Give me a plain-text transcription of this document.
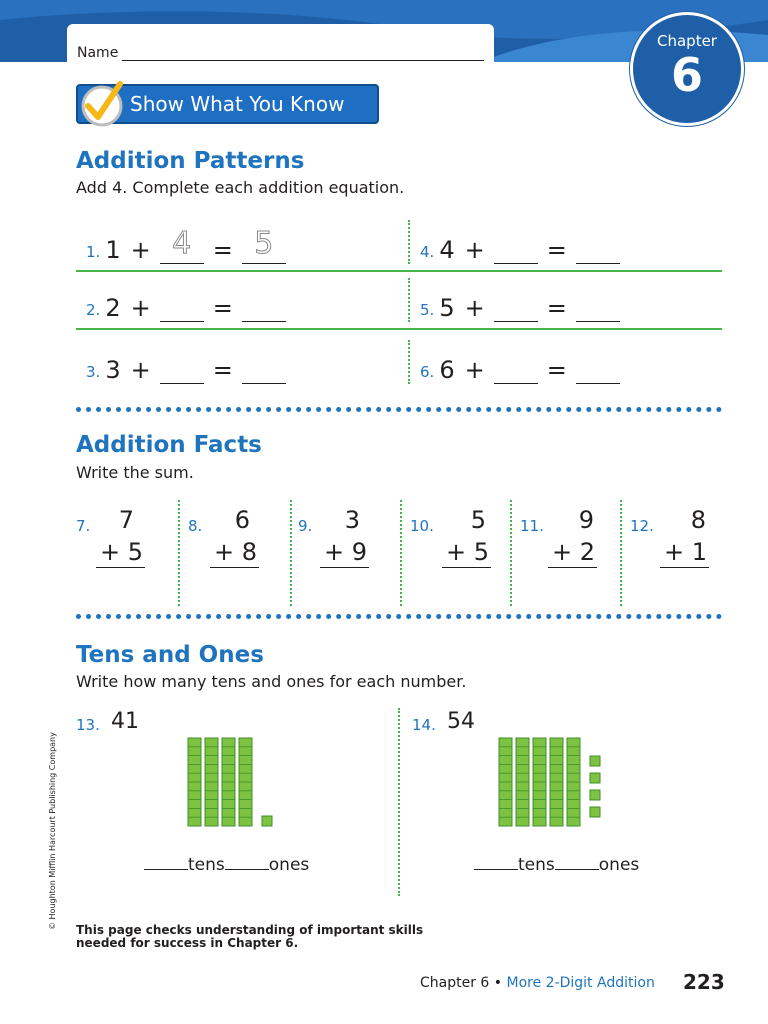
Name
Chapter
6
Show What You Know
Addition Patterns
Add 4. Complete each addition equation.
1. 1 + 4 = 5	4. 4 +	=
2. 2 +	=	5. 5 +	=
3. 3 +	=	6. 6 +	=
Addition Facts
Write the sum.
7.	7
+ 5
8.	6
+ 8
9.	3
+ 9
10.	5
+ 5
11.	9
+ 2
12.	8
+ 1
Tens and Ones
Write how many tens and ones for each number.
13. 41
tens	ones
14. 54
tens	ones
© Houghton Mifflin Harcourt Publishing Company This page checks understanding of important skills needed for success in Chapter 6.
Chapter 6 • More 2-Digit Addition 223
